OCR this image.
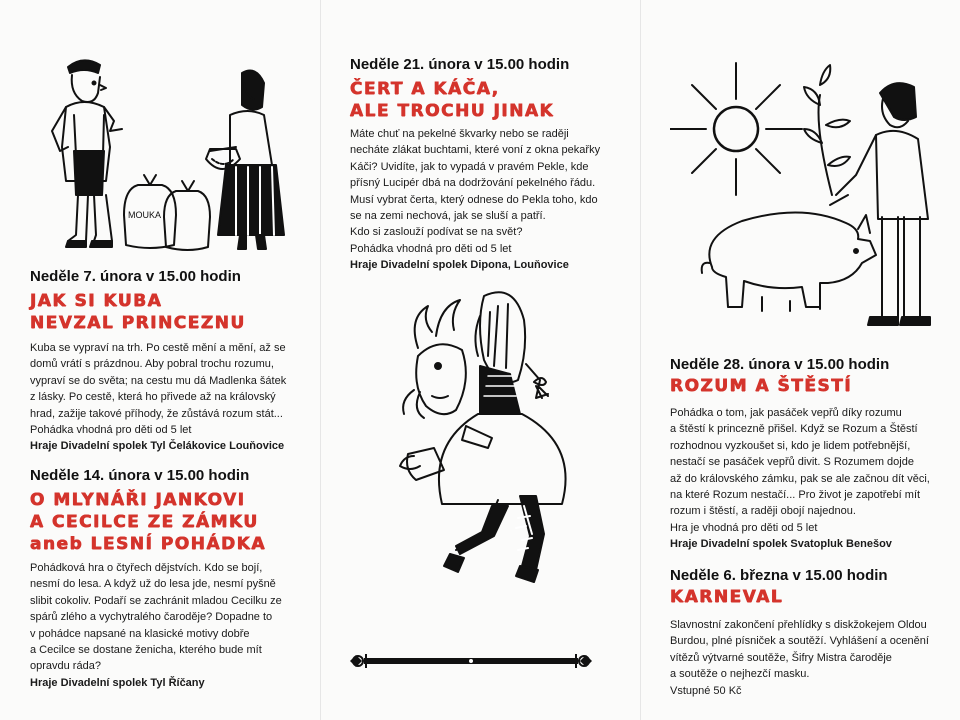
MOUKA
Neděle 7. února v 15.00 hodin
JAK SI KUBA
NEVZAL PRINCEZNU
Kuba se vypraví na trh. Po cestě mění a mění, až se
domů vrátí s prázdnou. Aby pobral trochu rozumu,
vypraví se do světa; na cestu mu dá Madlenka šátek
z lásky. Po cestě, která ho přivede až na královský
hrad, zažije takové příhody, že zůstává rozum stát...
Pohádka vhodná pro děti od 5 let
Hraje Divadelní spolek Tyl Čelákovice Louňovice
Neděle 14. února v 15.00 hodin
O MLYNÁŘI JANKOVI
A CECILCE ZE ZÁMKU
aneb LESNÍ POHÁDKA
Pohádková hra o čtyřech dějstvích. Kdo se bojí,
nesmí do lesa. A když už do lesa jde, nesmí pyšně
slibit cokoliv. Podaří se zachránit mladou Cecilku ze
spárů zlého a vychytralého čaroděje? Dopadne to
v pohádce napsané na klasické motivy dobře
a Cecilce se dostane ženicha, kterého bude mít
opravdu ráda?
Hraje Divadelní spolek Tyl Říčany
Neděle 21. února v 15.00 hodin
ČERT A KÁČA,
ALE TROCHU JINAK
Máte chuť na pekelné škvarky nebo se raději
necháte zlákat buchtami, které voní z okna pekařky
Káči? Uvidíte, jak to vypadá v pravém Pekle, kde
přísný Lucipér dbá na dodržování pekelného řádu.
Musí vybrat čerta, který odnese do Pekla toho, kdo
se na zemi nechová, jak se sluší a patří.
Kdo si zaslouží podívat se na svět?
Pohádka vhodná pro děti od 5 let
Hraje Divadelní spolek Dipona, Louňovice
Neděle 28. února v 15.00 hodin
ROZUM A ŠTĚSTÍ
Pohádka o tom, jak pasáček vepřů díky rozumu
a štěstí k princezně přišel. Když se Rozum a Štěstí
rozhodnou vyzkoušet si, kdo je lidem potřebnější,
nestačí se pasáček vepřů divit. S Rozumem dojde
až do královského zámku, pak se ale začnou dít věci,
na které Rozum nestačí... Pro život je zapotřebí mít
rozum i štěstí, a raději obojí najednou.
Hra je vhodná pro děti od 5 let
Hraje Divadelní spolek Svatopluk Benešov
Neděle 6. března v 15.00 hodin
KARNEVAL
Slavnostní zakončení přehlídky s diskžokejem Oldou
Burdou, plné písniček a soutěží. Vyhlášení a ocenění
vítězů výtvarné soutěže, Šifry Mistra čaroděje
a soutěže o nejhezčí masku.
Vstupné 50 Kč
